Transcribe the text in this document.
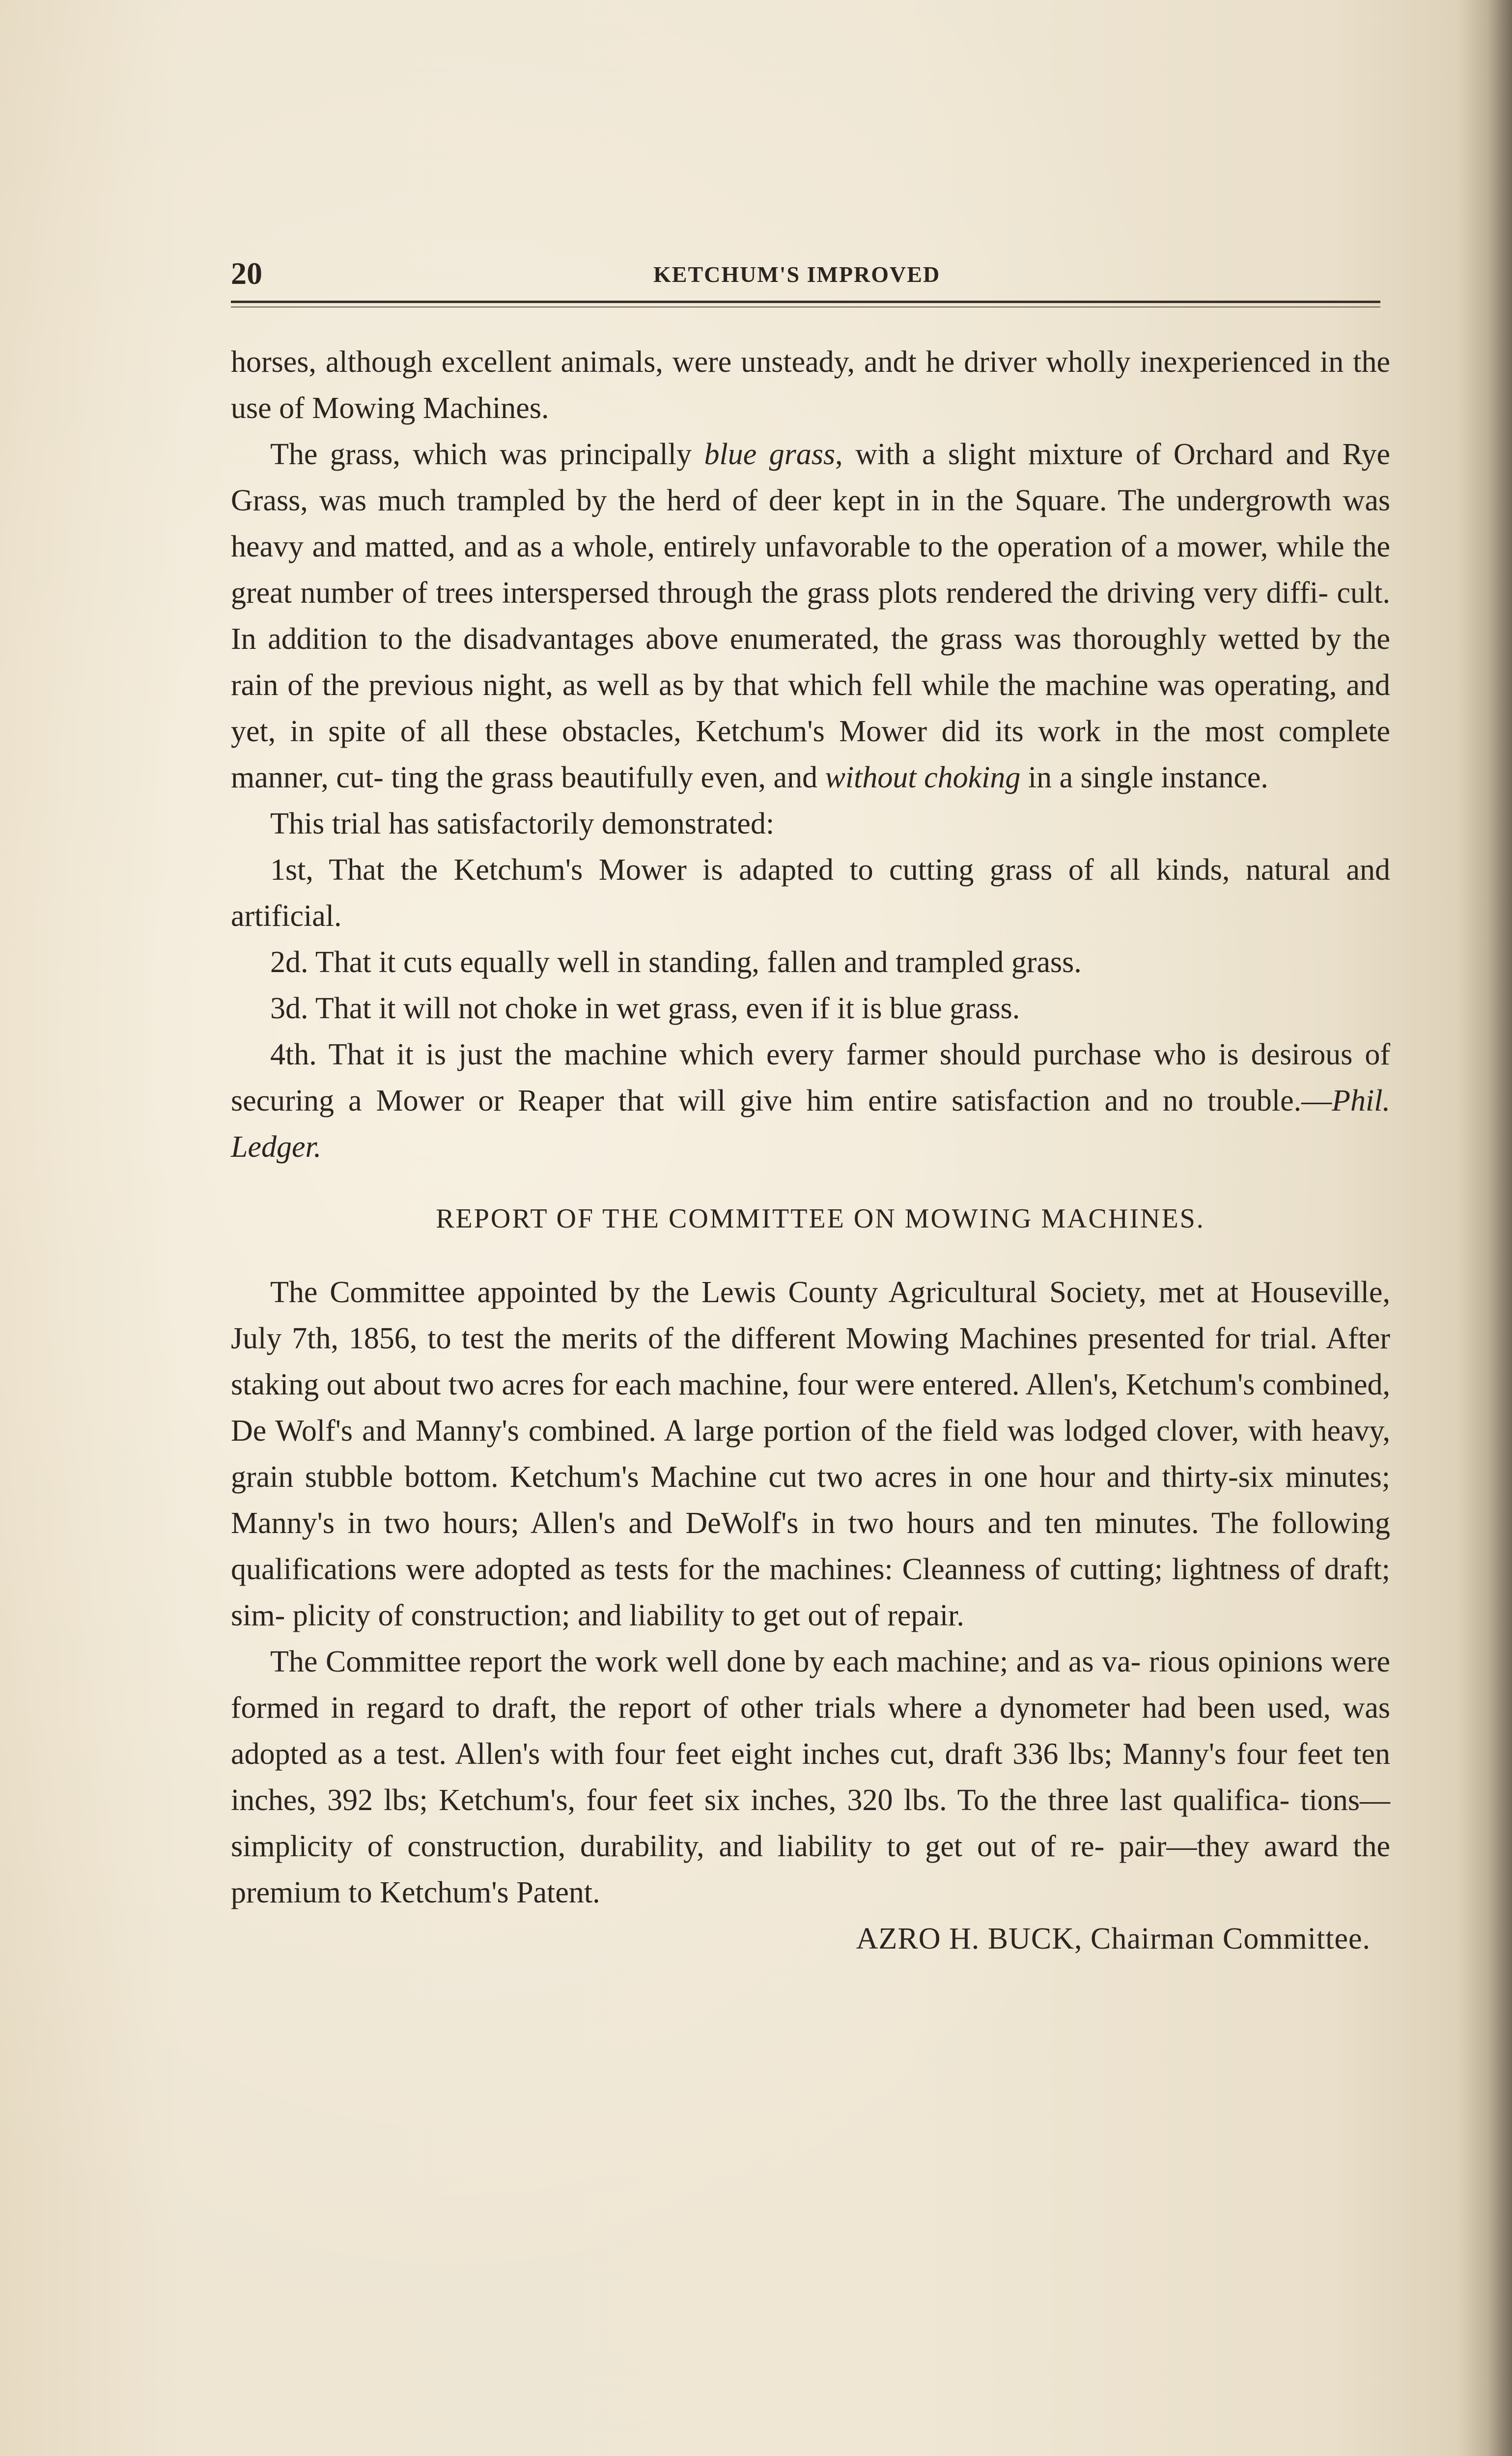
20	KETCHUM'S IMPROVED

horses, although excellent animals, were unsteady, andt he driver wholly inexperienced in the use of Mowing Machines.

The grass, which was principally blue grass, with a slight mixture of Orchard and Rye Grass, was much trampled by the herd of deer kept in in the Square. The undergrowth was heavy and matted, and as a whole, entirely unfavorable to the operation of a mower, while the great number of trees interspersed through the grass plots rendered the driving very diffi- cult. In addition to the disadvantages above enumerated, the grass was thoroughly wetted by the rain of the previous night, as well as by that which fell while the machine was operating, and yet, in spite of all these obstacles, Ketchum's Mower did its work in the most complete manner, cut- ting the grass beautifully even, and without choking in a single instance.

This trial has satisfactorily demonstrated:

1st, That the Ketchum's Mower is adapted to cutting grass of all kinds, natural and artificial.

2d. That it cuts equally well in standing, fallen and trampled grass.

3d. That it will not choke in wet grass, even if it is blue grass.

4th. That it is just the machine which every farmer should purchase who is desirous of securing a Mower or Reaper that will give him entire satisfaction and no trouble.—Phil. Ledger.

REPORT OF THE COMMITTEE ON MOWING MACHINES.

The Committee appointed by the Lewis County Agricultural Society, met at Houseville, July 7th, 1856, to test the merits of the different Mowing Machines presented for trial. After staking out about two acres for each machine, four were entered. Allen's, Ketchum's combined, De Wolf's and Manny's combined. A large portion of the field was lodged clover, with heavy, grain stubble bottom. Ketchum's Machine cut two acres in one hour and thirty-six minutes; Manny's in two hours; Allen's and DeWolf's in two hours and ten minutes. The following qualifications were adopted as tests for the machines: Cleanness of cutting; lightness of draft; sim- plicity of construction; and liability to get out of repair.

The Committee report the work well done by each machine; and as va- rious opinions were formed in regard to draft, the report of other trials where a dynometer had been used, was adopted as a test. Allen's with four feet eight inches cut, draft 336 lbs; Manny's four feet ten inches, 392 lbs; Ketchum's, four feet six inches, 320 lbs. To the three last qualifica- tions—simplicity of construction, durability, and liability to get out of re- pair—they award the premium to Ketchum's Patent.

AZRO H. BUCK, Chairman Committee.
